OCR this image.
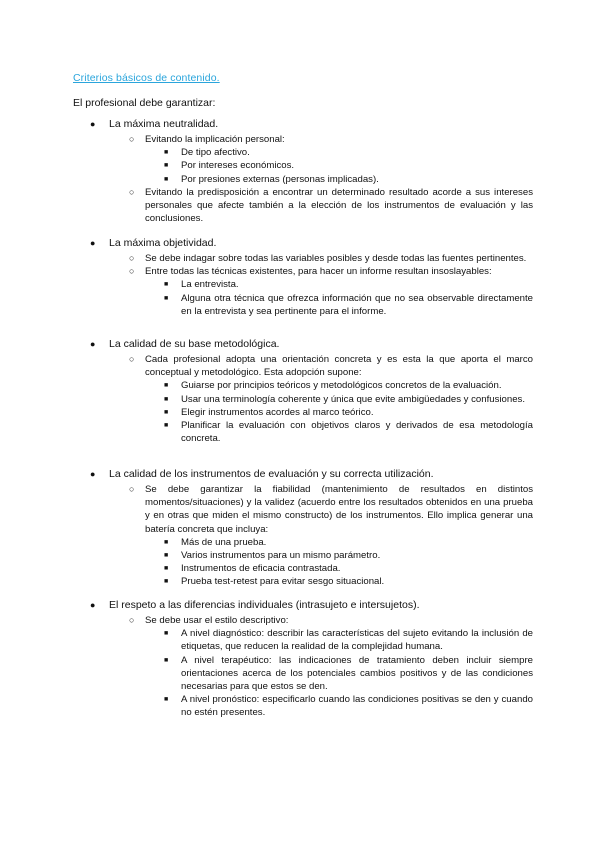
Criterios básicos de contenido.
El profesional debe garantizar:
● La máxima neutralidad.
○ Evitando la implicación personal:
■ De tipo afectivo.
■ Por intereses económicos.
■ Por presiones externas (personas implicadas).
○ Evitando la predisposición a encontrar un determinado resultado acorde a sus intereses personales que afecte también a la elección de los instrumentos de evaluación y las conclusiones.
● La máxima objetividad.
○ Se debe indagar sobre todas las variables posibles y desde todas las fuentes pertinentes.
○ Entre todas las técnicas existentes, para hacer un informe resultan insoslayables:
■ La entrevista.
■ Alguna otra técnica que ofrezca información que no sea observable directamente en la entrevista y sea pertinente para el informe.
● La calidad de su base metodológica.
○ Cada profesional adopta una orientación concreta y es esta la que aporta el marco conceptual y metodológico. Esta adopción supone:
■ Guiarse por principios teóricos y metodológicos concretos de la evaluación.
■ Usar una terminología coherente y única que evite ambigüedades y confusiones.
■ Elegir instrumentos acordes al marco teórico.
■ Planificar la evaluación con objetivos claros y derivados de esa metodología concreta.
● La calidad de los instrumentos de evaluación y su correcta utilización.
○ Se debe garantizar la fiabilidad (mantenimiento de resultados en distintos momentos/situaciones) y la validez (acuerdo entre los resultados obtenidos en una prueba y en otras que miden el mismo constructo) de los instrumentos. Ello implica generar una batería concreta que incluya:
■ Más de una prueba.
■ Varios instrumentos para un mismo parámetro.
■ Instrumentos de eficacia contrastada.
■ Prueba test-retest para evitar sesgo situacional.
● El respeto a las diferencias individuales (intrasujeto e intersujetos).
○ Se debe usar el estilo descriptivo:
■ A nivel diagnóstico: describir las características del sujeto evitando la inclusión de etiquetas, que reducen la realidad de la complejidad humana.
■ A nivel terapéutico: las indicaciones de tratamiento deben incluir siempre orientaciones acerca de los potenciales cambios positivos y de las condiciones necesarias para que estos se den.
■ A nivel pronóstico: especificarlo cuando las condiciones positivas se den y cuando no estén presentes.
